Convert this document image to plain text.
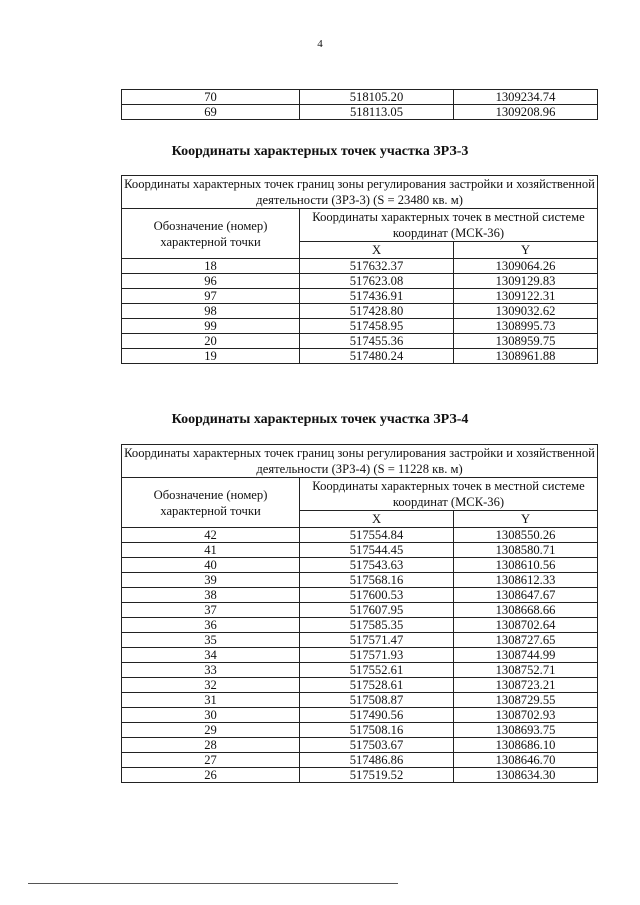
4
70	518105.20	1309234.74
69	518113.05	1309208.96
Координаты характерных точек участка ЗРЗ-3
Координаты характерных точек границ зоны регулирования застройки и хозяйственной деятельности (ЗРЗ-3) (S = 23480 кв. м)		
Обозначение (номер) характерной точки	Координаты характерных точек в местной системе координат (МСК-36)	
	X	Y
18	517632.37	1309064.26
96	517623.08	1309129.83
97	517436.91	1309122.31
98	517428.80	1309032.62
99	517458.95	1308995.73
20	517455.36	1308959.75
19	517480.24	1308961.88
Координаты характерных точек участка ЗРЗ-4
Координаты характерных точек границ зоны регулирования застройки и хозяйственной деятельности (ЗРЗ-4) (S = 11228 кв. м)		
Обозначение (номер) характерной точки	Координаты характерных точек в местной системе координат (МСК-36)	
	X	Y
42	517554.84	1308550.26
41	517544.45	1308580.71
40	517543.63	1308610.56
39	517568.16	1308612.33
38	517600.53	1308647.67
37	517607.95	1308668.66
36	517585.35	1308702.64
35	517571.47	1308727.65
34	517571.93	1308744.99
33	517552.61	1308752.71
32	517528.61	1308723.21
31	517508.87	1308729.55
30	517490.56	1308702.93
29	517508.16	1308693.75
28	517503.67	1308686.10
27	517486.86	1308646.70
26	517519.52	1308634.30
